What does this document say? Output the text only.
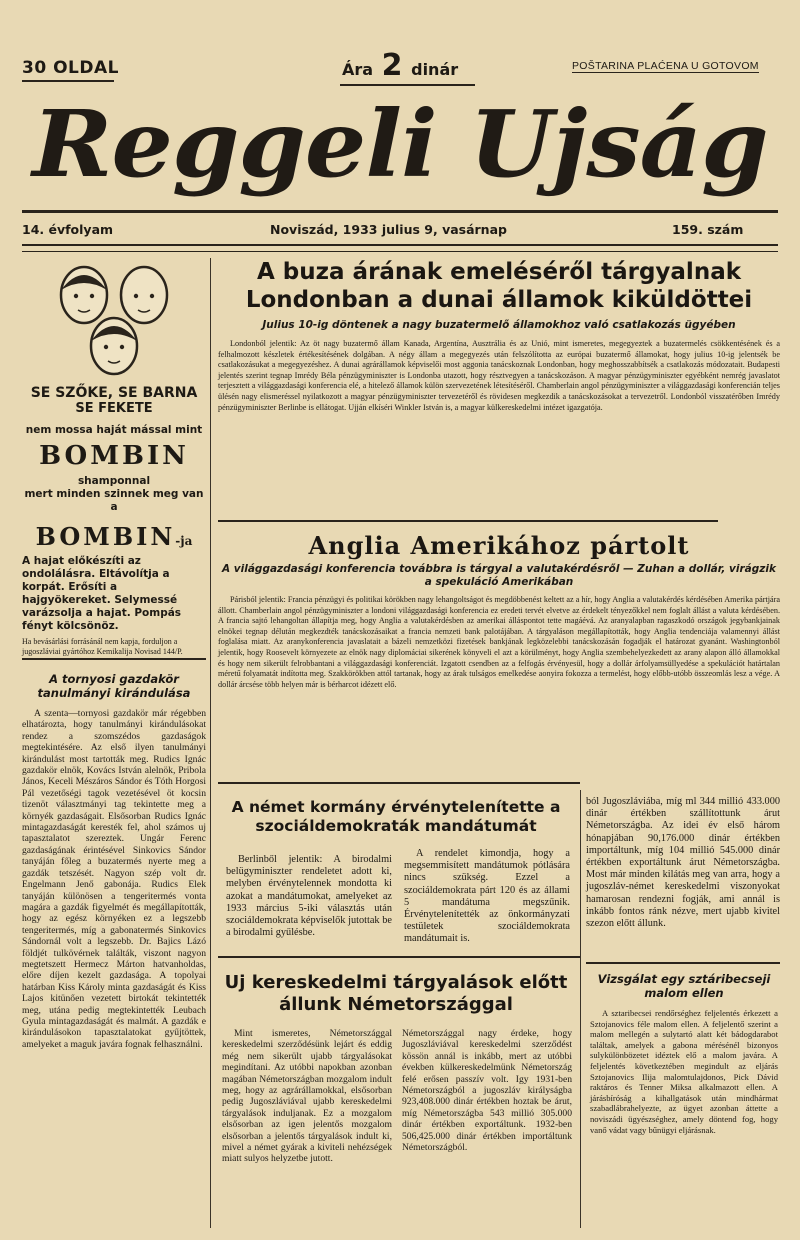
30 OLDAL	Ára 2 dinár	POŠTARINA PLAĆENA U GOTOVOM
Reggeli Ujság
14. évfolyam	Noviszád, 1933 julius 9, vasárnap	159. szám
SE SZŐKE, SE BARNA
SE FEKETE
nem mossa haját mással mint
BOMBIN
shamponnal
mert minden szinnek meg van a
BOMBIN-ja
A hajat előkészíti az ondolálásra. Eltávolítja a korpát. Erősíti a hajgyökereket. Selymessé varázsolja a hajat. Pompás fényt kölcsönöz.
Ha bevásárlási forrásánál nem kapja, forduljon a jugoszláviai gyártóhoz Kemikalija Novisad 144/P.
A tornyosi gazdakör tanulmányi kirándulása

A szenta—tornyosi gazdakör már régebben elhatározta, hogy tanulmányi kirándulásokat rendez a szomszédos gazdaságok megtekintésére. Az első ilyen tanulmányi kirándulást most tartották meg. Rudics Ignác gazdakör elnök, Kovács István alelnök, Pribola János, Keceli Mészáros Sándor és Tóth Horgosi Pál vezetőségi tagok vezetésével öt kocsin tizenöt választmányi tag tekintette meg a környék gazdaságait. Elsősorban Rudics Ignác mintagazdaságát keresték fel, ahol számos uj tapasztalatot szereztek. Ungár Ferenc gazdaságának érintésével Sinkovics Sándor tanyáján főleg a buzatermés nyerte meg a gazdák tetszését. Nagyon szép volt dr. Engelmann Jenő gabonája. Rudics Elek tanyáján különösen a tengeritermés vonta magára a gazdák figyelmét és megállapították, hogy az egész környéken ez a legszebb tengeritermés, míg a gabonatermés Sinkovics Sándornál volt a legszebb. Dr. Bajics Lázó földjét tulkövérnek találták, viszont nagyon megtetszett Hermecz Márton hatvanholdas, előre díjen kezelt gazdasága. A topolyai határban Kiss Károly minta gazdaságát és Kiss Lajos kitünően vezetett birtokát tekintették meg, utána pedig megtekintették Leubach Gyula mintagazdaságát és malmát. A gazdák e kirándulásokon tapasztalatokat gyűjtöttek, amelyeket a maguk javára fognak felhasználni.

A buza árának emeléséről tárgyalnak Londonban a dunai államok kiküldöttei
Julius 10-ig döntenek a nagy buzatermelő államokhoz való csatlakozás ügyében

Londonból jelentik: Az öt nagy buzatermő állam Kanada, Argentína, Ausztrália és az Unió, mint ismeretes, megegyeztek a buzatermelés csökkentésének és a felhalmozott készletek értékesítésének dolgában. A négy állam a megegyezés után felszólította az európai buzatermő államokat, hogy julius 10-ig jelentsék be csatlakozásukat a megegyezéshez. A dunai agrárállamok képviselői most aggonia tanácskoznak Londonban, hogy meghosszabbítsék a csatlakozás módozatait. Budapesti jelentés szerint tegnap Imrédy Béla pénzügyminiszter is Londonba utazott, hogy résztvegyen a tanácskozáson. A magyar pénzügyminiszter egyébként nemrég javaslatot terjesztett a világgazdasági konferencia elé, a hitelező államok külön szervezetének létesítéséről. Chamberlain angol pénzügyminiszter a világgazdasági konferencián teljes ülésén nagy elismeréssel nyilatkozott a magyar pénzügyminiszter tervezetéről és rövidesen megkezdik a tanácskozásokat a tervezetről. Londonból visszatérőben Imrédy pénzügyminiszter Berlinbe is ellátogat. Ujján elkíséri Winkler István is, a magyar külkereskedelmi intézet igazgatója.

Anglia Amerikához pártolt
A világgazdasági konferencia továbbra is tárgyal a valutakérdésről — Zuhan a dollár, virágzik a spekuláció Amerikában

Párisból jelentik: Francia pénzügyi és politikai körökben nagy lehangoltságot és megdöbbenést keltett az a hír, hogy Anglia a valutakérdés kérdésében Amerika pártjára állott. Chamberlain angol pénzügyminiszter a londoni világgazdasági konferencia ez eredeti tervét elvetve az érdekelt tényezőkkel nem foglalt állást a valuta kérdésében. A francia sajtó lehangoltan állapítja meg, hogy Anglia a valutakérdésben az amerikai álláspontot tette magáévá. Az aranyalapban ragaszkodó országok jegybankjainak elnökei tegnap délután megkezdték tanácskozásaikat a francia nemzeti bank palotájában. A tárgyaláson megállapították, hogy Anglia tendenciája valamennyi állást foglalása miatt. Az aranykonferencia javaslatait a bázeli nemzetközi fizetések bankjának legközelebbi tanácskozásán fogadják el határozat gyanánt. Washingtonból jelentik, hogy Roosevelt környezete az elnök nagy diplomáciai sikerének könyveli el azt a körülményt, hogy Anglia szembehelyezkedett az arany alapon álló államokkal és hogy nem sikerült felrobbantani a világgazdasági konferenciát. Izgatott csendben az a felfogás érvényesül, hogy a dollár árfolyamsüllyedése a spekulációt határtalan méretű folyamatát indította meg. Szakkörökben attól tartanak, hogy az árak tulságos emelkedése aonyira fokozza a termelést, hogy előbb-utóbb összeomlás lesz a vége. A dollár árcsése több helyen már is bérharcot idézett elő.

A német kormány érvénytelenítette a szociáldemokraták mandátumát

Berlinből jelentik: A birodalmi belügyminiszter rendeletet adott ki, melyben érvénytelennek mondotta ki azokat a mandátumokat, amelyeket az 1933 március 5-iki választás után szociáldemokrata képviselők jutottak be a birodalmi gyűlésbe.

A rendelet kimondja, hogy a megsemmisített mandátumok pótlására nincs szükség. Ezzel a szociáldemokrata párt 120 és az állami 5 mandátuma megszűnik. Érvénytelenítették az önkormányzati testületek szociáldemokrata mandátumait is.

ból Jugoszláviába, míg ml 344 millió 433.000 dinár értékben szállítottunk árut Németországba. Az idei év első három hónapjában 90,176.000 dinár értékben importáltunk, míg 104 millió 545.000 dinár értékben exportáltunk árut Németországba. Most már minden kilátás meg van arra, hogy a jugoszláv-német kereskedelmi viszonyokat hamarosan rendezni fogják, ami annál is inkább fontos ránk nézve, mert ujabb kivitel szezon előtt állunk.

Uj kereskedelmi tárgyalások előtt állunk Németországgal

Mint ismeretes, Németországgal kereskedelmi szerződésünk lejárt és eddig még nem sikerült ujabb tárgyalásokat megindítani. Az utóbbi napokban azonban magában Németországban mozgalom indult meg, hogy az agrárállamokkal, elsősorban pedig Jugoszláviával ujabb kereskedelmi tárgyalások induljanak. Ez a mozgalom elsősorban az igen jelentős mozgalom elsősorban a jelentős tárgyalások indult ki, mivel a német gyárak a kiviteli nehézségek miatt sulyos helyzetbe jutott.

Németországgal nagy érdeke, hogy Jugoszláviával kereskedelmi szerződést kössön annál is inkább, mert az utóbbi években külkereskedelmünk Németország felé erősen passzív volt. Igy 1931-ben Németországból a jugoszláv királyságba 923,408.000 dinár értékben hoztak be árut, míg Németországba 543 millió 305.000 dinár értékben exportáltunk. 1932-ben 506,425.000 dinár értékben importáltunk Németországból.

Vizsgálat egy sztáribecseji malom ellen

A sztaribecsei rendőrséghez feljelentés érkezett a Sztojanovics féle malom ellen. A feljelentő szerint a malom mellegén a sulytartó alatt két bádogdarabot találtak, amelyek a gabona mérésénél bizonyos sulykülönbözetet idéztek elő a malom javára. A feljelentés következtében megindult az eljárás Sztojanovics Ilija malomtulajdonos, Pick Dávid raktáros és Tenner Miksa alkalmazott ellen. A járásbíróság a kihallgatások után mindhármat szabadlábrahelyezte, az ügyet azonban áttette a noviszádi ügyészséghez, amely döntend fog, hogy vanő vádat vagy bűnügyi eljárásnak.
